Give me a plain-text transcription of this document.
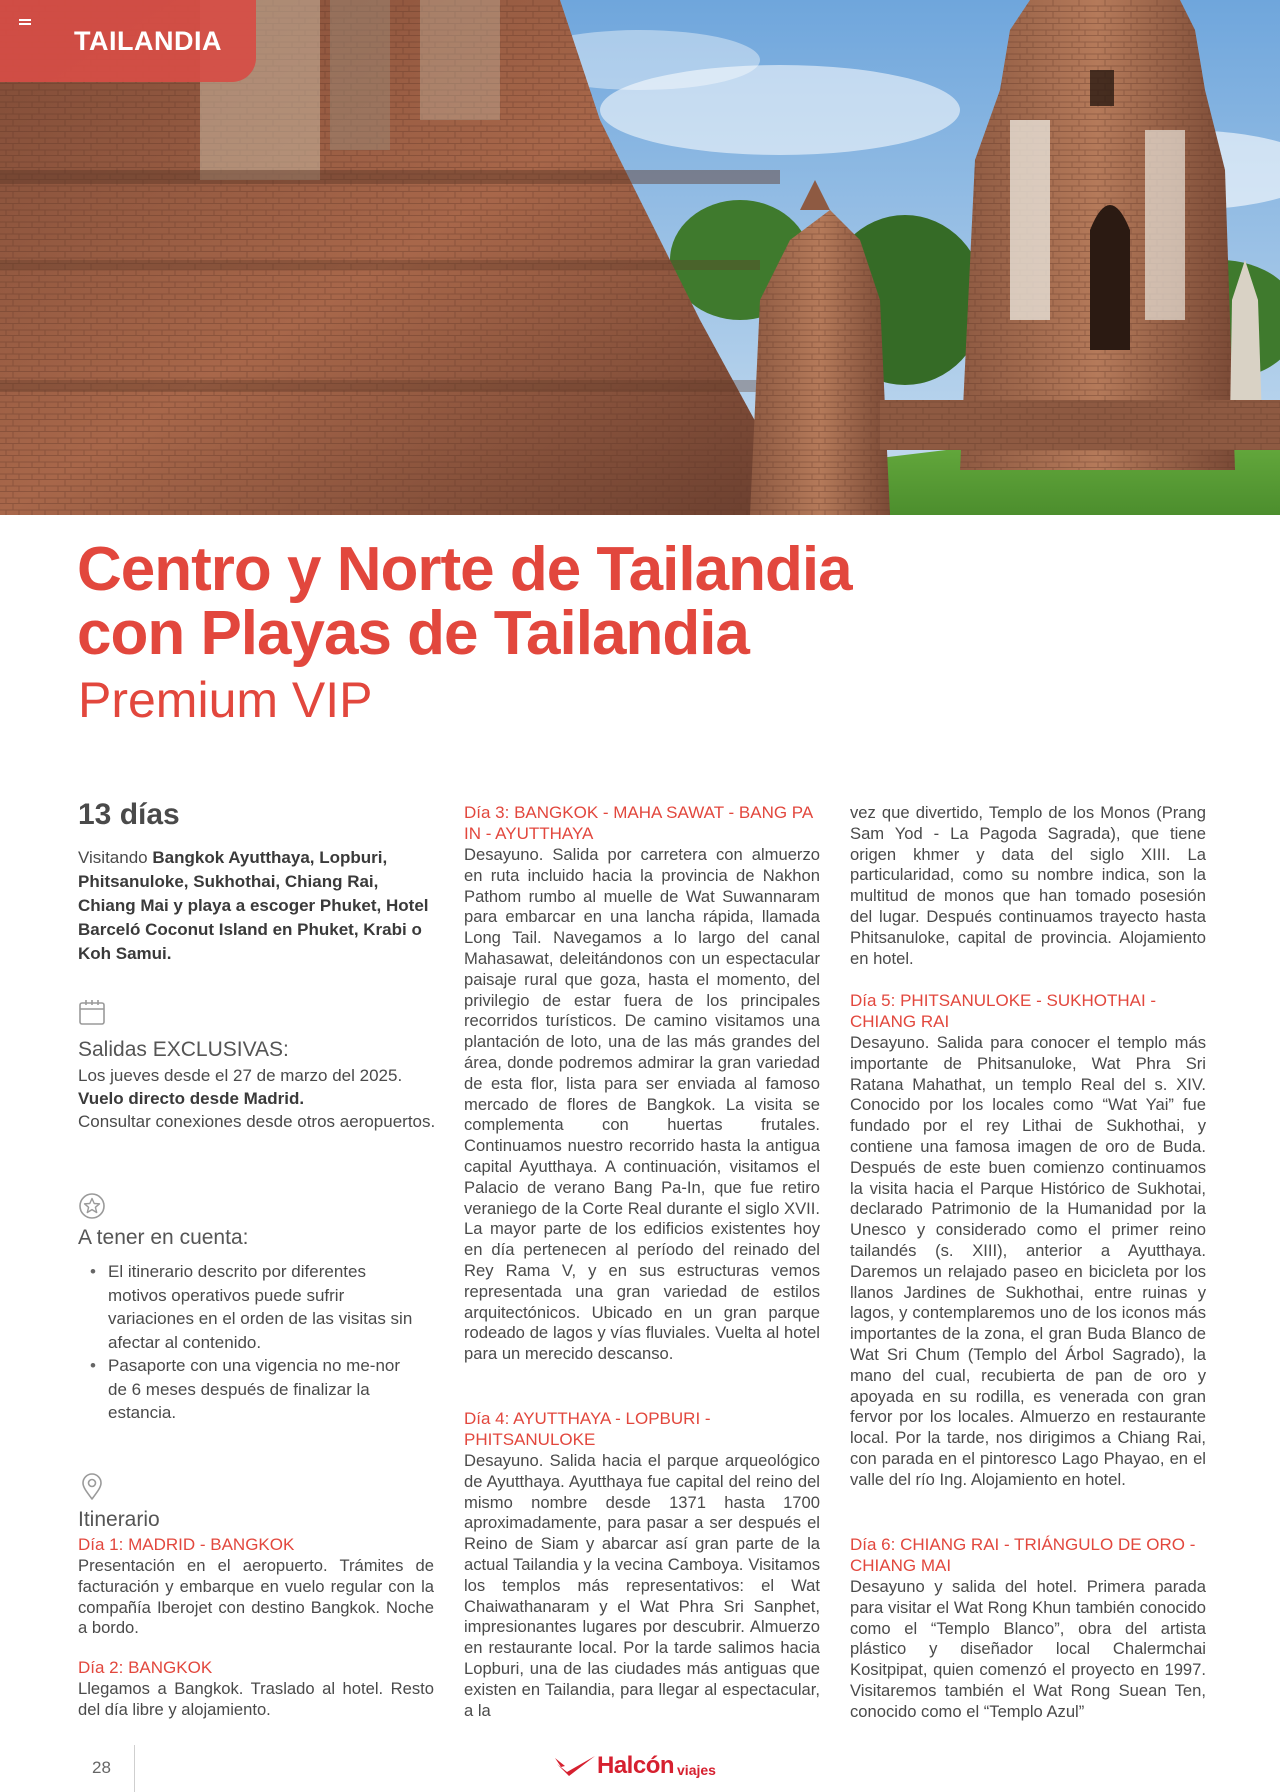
TAILANDIA
Centro y Norte de Tailandia
con Playas de Tailandia
Premium VIP
13 días
Visitando Bangkok Ayutthaya, Lopburi, Phitsanuloke, Sukhothai, Chiang Rai, Chiang Mai y playa a escoger Phuket, Hotel Barceló Coconut Island en Phuket, Krabi o Koh Samui.
Salidas EXCLUSIVAS:
Los jueves desde el 27 de marzo del 2025.
Vuelo directo desde Madrid.
Consultar conexiones desde otros aeropuertos.
A tener en cuenta:
• El itinerario descrito por diferentes motivos operativos puede sufrir variaciones en el orden de las visitas sin afectar al contenido.
• Pasaporte con una vigencia no me-nor de 6 meses después de finalizar la estancia.
Itinerario
Día 1: MADRID - BANGKOK
Presentación en el aeropuerto. Trámites de facturación y embarque en vuelo regular con la compañía Iberojet con destino Bangkok. Noche a bordo.
Día 2: BANGKOK
Llegamos a Bangkok. Traslado al hotel. Resto del día libre y alojamiento.
Día 3: BANGKOK - MAHA SAWAT - BANG PA IN - AYUTTHAYA
Desayuno. Salida por carretera con almuerzo en ruta incluido hacia la provincia de Nakhon Pathom rumbo al muelle de Wat Suwannaram para embarcar en una lancha rápida, llamada Long Tail. Navegamos a lo largo del canal Mahasawat, deleitándonos con un espectacular paisaje rural que goza, hasta el momento, del privilegio de estar fuera de los principales recorridos turísticos. De camino visitamos una plantación de loto, una de las más grandes del área, donde podremos admirar la gran variedad de esta flor, lista para ser enviada al famoso mercado de flores de Bangkok. La visita se complementa con huertas frutales. Continuamos nuestro recorrido hasta la antigua capital Ayutthaya. A continuación, visitamos el Palacio de verano Bang Pa-In, que fue retiro veraniego de la Corte Real durante el siglo XVII. La mayor parte de los edificios existentes hoy en día pertenecen al período del reinado del Rey Rama V, y en sus estructuras vemos representada una gran variedad de estilos arquitectónicos. Ubicado en un gran parque rodeado de lagos y vías fluviales. Vuelta al hotel para un merecido descanso.
Día 4: AYUTTHAYA - LOPBURI - PHITSANULOKE
Desayuno. Salida hacia el parque arqueológico de Ayutthaya. Ayutthaya fue capital del reino del mismo nombre desde 1371 hasta 1700 aproximadamente, para pasar a ser después el Reino de Siam y abarcar así gran parte de la actual Tailandia y la vecina Camboya. Visitamos los templos más representativos: el Wat Chaiwathanaram y el Wat Phra Sri Sanphet, impresionantes lugares por descubrir. Almuerzo en restaurante local. Por la tarde salimos hacia Lopburi, una de las ciudades más antiguas que existen en Tailandia, para llegar al espectacular, a la
vez que divertido, Templo de los Monos (Prang Sam Yod - La Pagoda Sagrada), que tiene origen khmer y data del siglo XIII. La particularidad, como su nombre indica, son la multitud de monos que han tomado posesión del lugar. Después continuamos trayecto hasta Phitsanuloke, capital de provincia. Alojamiento en hotel.
Día 5: PHITSANULOKE - SUKHOTHAI - CHIANG RAI
Desayuno. Salida para conocer el templo más importante de Phitsanuloke, Wat Phra Sri Ratana Mahathat, un templo Real del s. XIV. Conocido por los locales como “Wat Yai” fue fundado por el rey Lithai de Sukhothai, y contiene una famosa imagen de oro de Buda. Después de este buen comienzo continuamos la visita hacia el Parque Histórico de Sukhotai, declarado Patrimonio de la Humanidad por la Unesco y considerado como el primer reino tailandés (s. XIII), anterior a Ayutthaya. Daremos un relajado paseo en bicicleta por los llanos Jardines de Sukhothai, entre ruinas y lagos, y contemplaremos uno de los iconos más importantes de la zona, el gran Buda Blanco de Wat Sri Chum (Templo del Árbol Sagrado), la mano del cual, recubierta de pan de oro y apoyada en su rodilla, es venerada con gran fervor por los locales. Almuerzo en restaurante local. Por la tarde, nos dirigimos a Chiang Rai, con parada en el pintoresco Lago Phayao, en el valle del río Ing. Alojamiento en hotel.
Día 6: CHIANG RAI - TRIÁNGULO DE ORO - CHIANG MAI
Desayuno y salida del hotel. Primera parada para visitar el Wat Rong Khun también conocido como el “Templo Blanco”, obra del artista plástico y diseñador local Chalermchai Kositpipat, quien comenzó el proyecto en 1997. Visitaremos también el Wat Rong Suean Ten, conocido como el “Templo Azul”
28	Halcón viajes
